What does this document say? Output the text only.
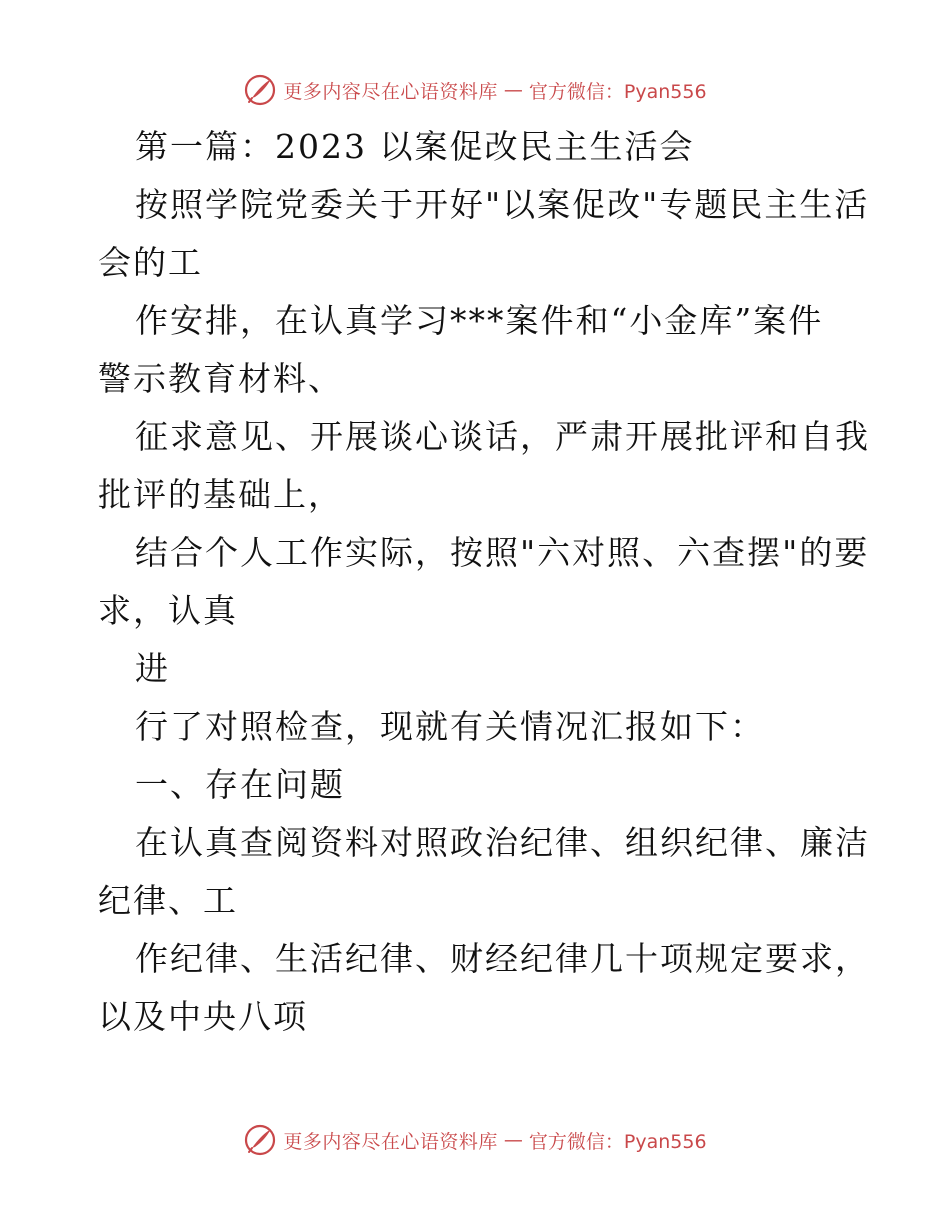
更多内容尽在心语资料库 — 官方微信：Pyan556
第一篇：2023 以案促改民主生活会
按照学院党委关于开好"以案促改"专题民主生活
会的工
作安排，在认真学习***案件和“小金库”案件
警示教育材料、
征求意见、开展谈心谈话，严肃开展批评和自我
批评的基础上，
结合个人工作实际，按照"六对照、六查摆"的要
求，认真
进
行了对照检查，现就有关情况汇报如下：
一、存在问题
在认真查阅资料对照政治纪律、组织纪律、廉洁
纪律、工
作纪律、生活纪律、财经纪律几十项规定要求，
以及中央八项
更多内容尽在心语资料库 — 官方微信：Pyan556
